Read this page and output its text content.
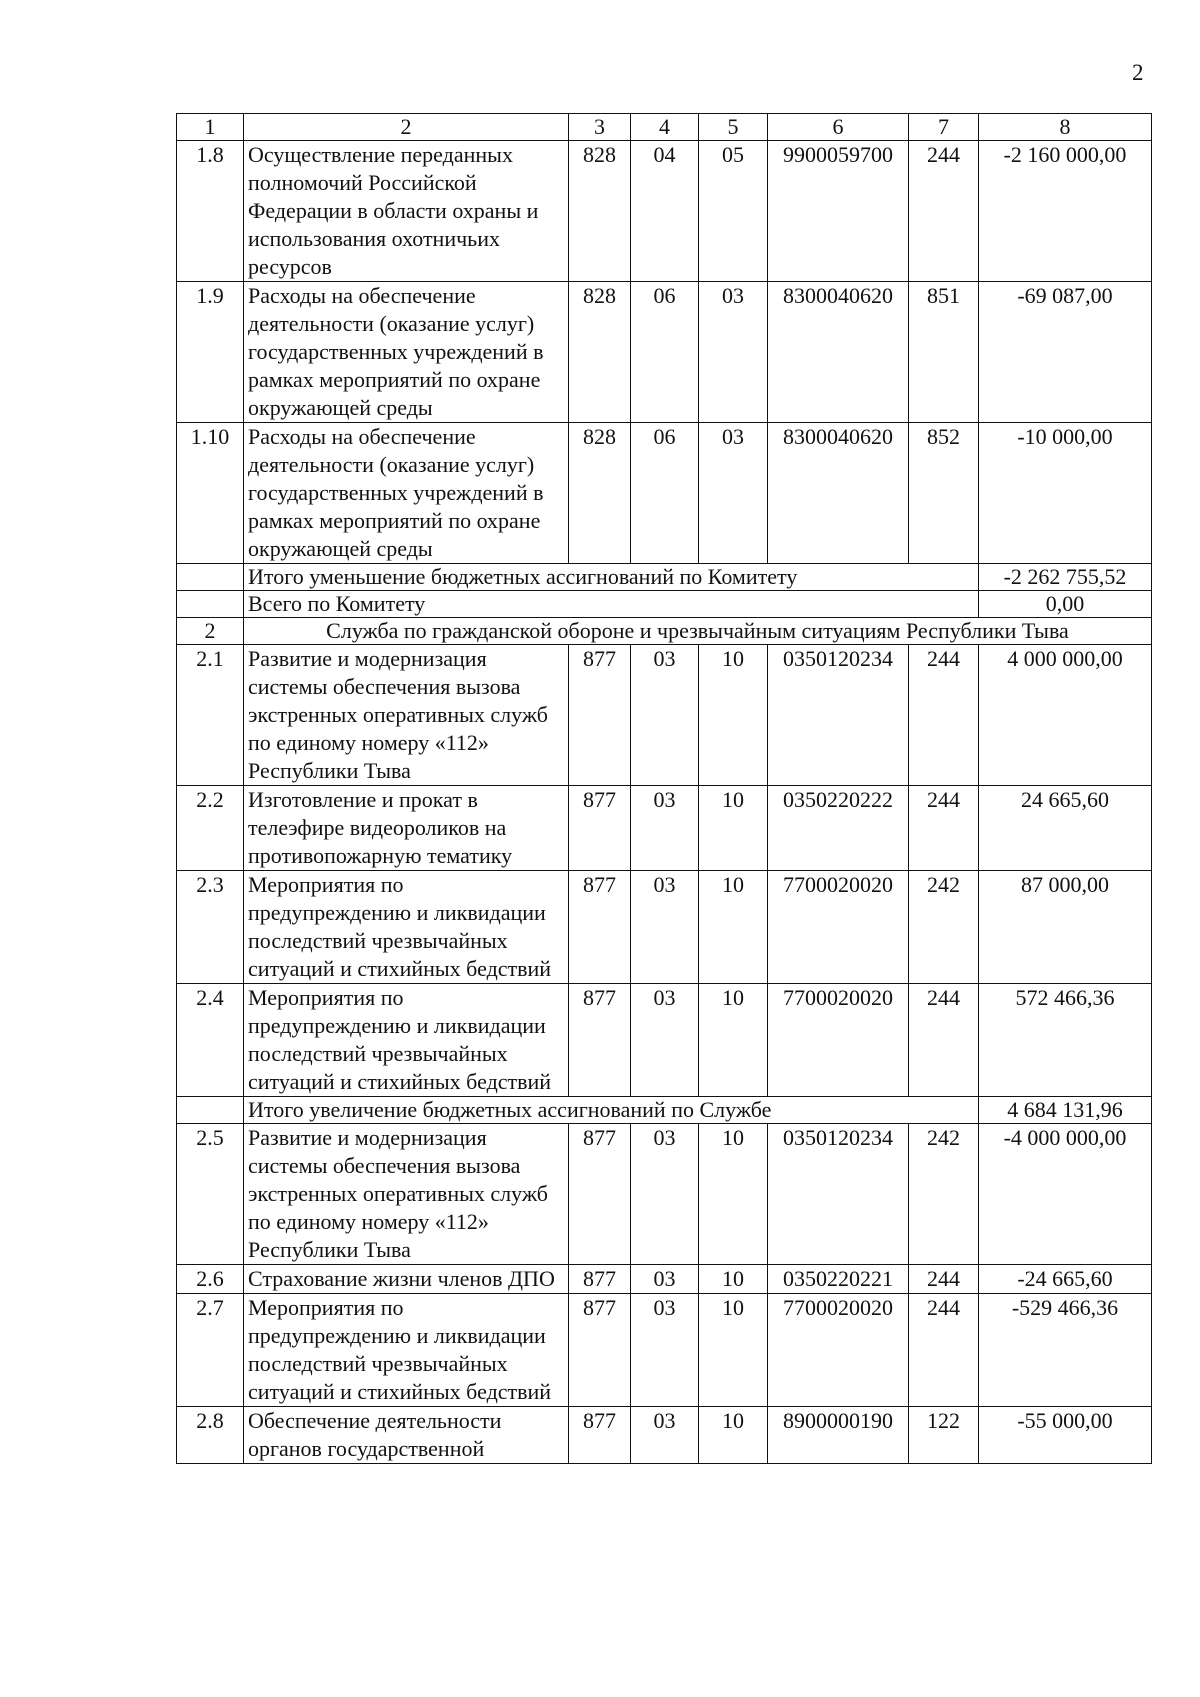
2
1	2	3	4	5	6	7	8
1.8	Осуществление переданных полномочий Российской Федерации в области охраны и использования охотничьих ресурсов	828	04	05	9900059700	244	-2 160 000,00
1.9	Расходы на обеспечение деятельности (оказание услуг) государственных учреждений в рамках мероприятий по охране окружающей среды	828	06	03	8300040620	851	-69 087,00
1.10	Расходы на обеспечение деятельности (оказание услуг) государственных учреждений в рамках мероприятий по охране окружающей среды	828	06	03	8300040620	852	-10 000,00
	Итого уменьшение бюджетных ассигнований по Комитету						-2 262 755,52
	Всего по Комитету						0,00
2	Служба по гражданской обороне и чрезвычайным ситуациям Республики Тыва						
2.1	Развитие и модернизация системы обеспечения вызова экстренных оперативных служб по единому номеру «112» Республики Тыва	877	03	10	0350120234	244	4 000 000,00
2.2	Изготовление и прокат в телеэфире видеороликов на противопожарную тематику	877	03	10	0350220222	244	24 665,60
2.3	Мероприятия по предупреждению и ликвидации последствий чрезвычайных ситуаций и стихийных бедствий	877	03	10	7700020020	242	87 000,00
2.4	Мероприятия по предупреждению и ликвидации последствий чрезвычайных ситуаций и стихийных бедствий	877	03	10	7700020020	244	572 466,36
	Итого увеличение бюджетных ассигнований по Службе						4 684 131,96
2.5	Развитие и модернизация системы обеспечения вызова экстренных оперативных служб по единому номеру «112» Республики Тыва	877	03	10	0350120234	242	-4 000 000,00
2.6	Страхование жизни членов ДПО	877	03	10	0350220221	244	-24 665,60
2.7	Мероприятия по предупреждению и ликвидации последствий чрезвычайных ситуаций и стихийных бедствий	877	03	10	7700020020	244	-529 466,36
2.8	Обеспечение деятельности органов государственной	877	03	10	8900000190	122	-55 000,00
